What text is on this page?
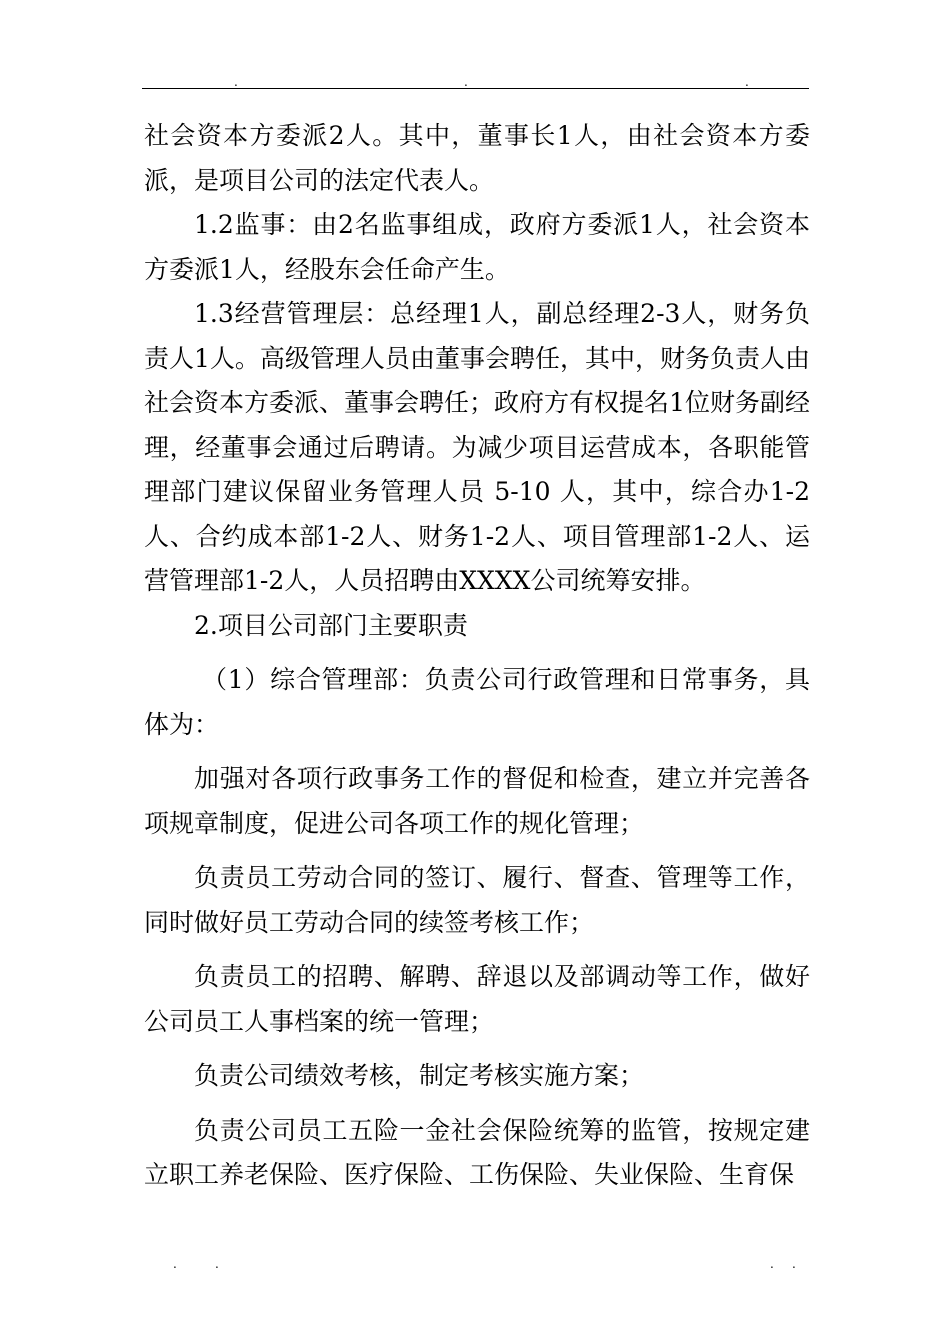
.	.	.

社会资本方委派2人。其中，董事长1人，由社会资本方委派，是项目公司的法定代表人。

1.2监事：由2名监事组成，政府方委派1人，社会资本方委派1人，经股东会任命产生。

1.3经营管理层：总经理1人，副总经理2-3人，财务负责人1人。高级管理人员由董事会聘任，其中，财务负责人由社会资本方委派、董事会聘任；政府方有权提名1位财务副经理，经董事会通过后聘请。为减少项目运营成本，各职能管理部门建议保留业务管理人员 5-10 人，其中，综合办1-2人、合约成本部1-2人、财务1-2人、项目管理部1-2人、运营管理部1-2人，人员招聘由XXXX公司统筹安排。

2.项目公司部门主要职责

（1）综合管理部：负责公司行政管理和日常事务，具体为：

加强对各项行政事务工作的督促和检查，建立并完善各项规章制度，促进公司各项工作的规化管理；

负责员工劳动合同的签订、履行、督查、管理等工作，同时做好员工劳动合同的续签考核工作；

负责员工的招聘、解聘、辞退以及部调动等工作，做好公司员工人事档案的统一管理；

负责公司绩效考核，制定考核实施方案；

负责公司员工五险一金社会保险统筹的监管，按规定建立职工养老保险、医疗保险、工伤保险、失业保险、生育保

.	.	. .
